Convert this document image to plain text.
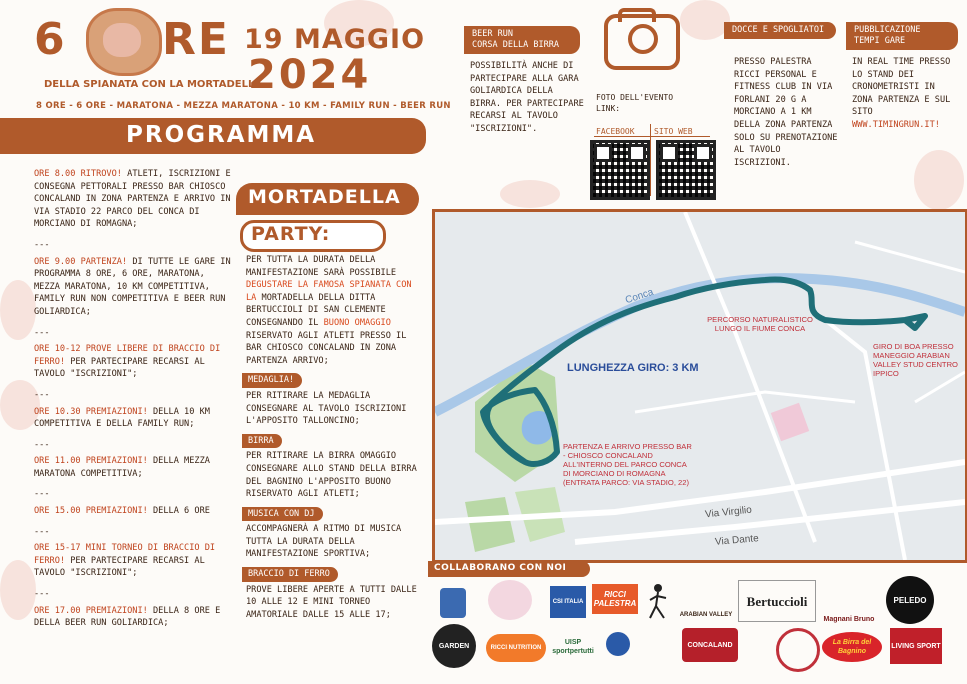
6 RE
DELLA SPIANATA CON LA MORTADELLA
8 ORE - 6 ORE - MARATONA - MEZZA MARATONA - 10 KM - FAMILY RUN - BEER RUN
19 MAGGIO
2024
PROGRAMMA

ORE 8.00 RITROVO! ATLETI, ISCRIZIONI E CONSEGNA PETTORALI PRESSO BAR CHIOSCO CONCALAND IN ZONA PARTENZA E ARRIVO IN VIA STADIO 22 PARCO DEL CONCA DI MORCIANO DI ROMAGNA;

---

ORE 9.00 PARTENZA! DI TUTTE LE GARE IN PROGRAMMA 8 ORE, 6 ORE, MARATONA, MEZZA MARATONA, 10 KM COMPETITIVA, FAMILY RUN NON COMPETITIVA E BEER RUN GOLIARDICA;

---

ORE 10-12 PROVE LIBERE DI BRACCIO DI FERRO! PER PARTECIPARE RECARSI AL TAVOLO "ISCRIZIONI";

---

ORE 10.30 PREMIAZIONI! DELLA 10 KM COMPETITIVA E DELLA FAMILY RUN;

---

ORE 11.00 PREMIAZIONI! DELLA MEZZA MARATONA COMPETITIVA;

---

ORE 15.00 PREMIAZIONI! DELLA 6 ORE

---

ORE 15-17 MINI TORNEO DI BRACCIO DI FERRO! PER PARTECIPARE RECARSI AL TAVOLO "ISCRIZIONI";

---

ORE 17.00 PREMIAZIONI! DELLA 8 ORE E DELLA BEER RUN GOLIARDICA;

MORTADELLA
PARTY:

PER TUTTA LA DURATA DELLA MANIFESTAZIONE SARÀ POSSIBILE DEGUSTARE LA FAMOSA SPIANATA CON LA MORTADELLA DELLA DITTA BERTUCCIOLI DI SAN CLEMENTE CONSEGNANDO IL BUONO OMAGGIO RISERVATO AGLI ATLETI PRESSO IL BAR CHIOSCO CONCALAND IN ZONA PARTENZA ARRIVO;

MEDAGLIA!

PER RITIRARE LA MEDAGLIA CONSEGNARE AL TAVOLO ISCRIZIONI L'APPOSITO TALLONCINO;

BIRRA

PER RITIRARE LA BIRRA OMAGGIO CONSEGNARE ALLO STAND DELLA BIRRA DEL BAGNINO L'APPOSITO BUONO RISERVATO AGLI ATLETI;

MUSICA CON DJ

ACCOMPAGNERÀ A RITMO DI MUSICA TUTTA LA DURATA DELLA MANIFESTAZIONE SPORTIVA;

BRACCIO DI FERRO

PROVE LIBERE APERTE A TUTTI DALLE 10 ALLE 12 E MINI TORNEO AMATORIALE DALLE 15 ALLE 17;

BEER RUN
CORSA DELLA BIRRA
POSSIBILITÀ ANCHE DI PARTECIPARE ALLA GARA GOLIARDICA DELLA BIRRA. PER PARTECIPARE RECARSI AL TAVOLO "ISCRIZIONI".
FOTO DELL'EVENTO LINK:
FACEBOOK SITO WEB
DOCCE E SPOGLIATOI
PRESSO PALESTRA RICCI PERSONAL E FITNESS CLUB IN VIA FORLANI 20 G A MORCIANO A 1 KM DELLA ZONA PARTENZA SOLO SU PRENOTAZIONE AL TAVOLO ISCRIZIONI.
PUBBLICAZIONE
TEMPI GARE
IN REAL TIME PRESSO LO STAND DEI CRONOMETRISTI IN ZONA PARTENZA E SUL SITO WWW.TIMINGRUN.IT!
Conca
LUNGHEZZA GIRO: 3 KM
PERCORSO NATURALISTICO LUNGO IL FIUME CONCA
GIRO DI BOA PRESSO MANEGGIO ARABIAN VALLEY STUD CENTRO IPPICO
PARTENZA E ARRIVO PRESSO BAR - CHIOSCO CONCALAND ALL'INTERNO DEL PARCO CONCA DI MORCIANO DI ROMAGNA (ENTRATA PARCO: VIA STADIO, 22)
Via Virgilio
Via Dante
COLLABORANO CON NOI
CSI ITALIA
RICCI PALESTRA
ARABIAN VALLEY
Bertuccioli
Magnani Bruno
PELEDO
GARDEN	RICCI NUTRITION
UISP sportpertutti
CONCALAND	La Birra del Bagnino
LIVING SPORT
